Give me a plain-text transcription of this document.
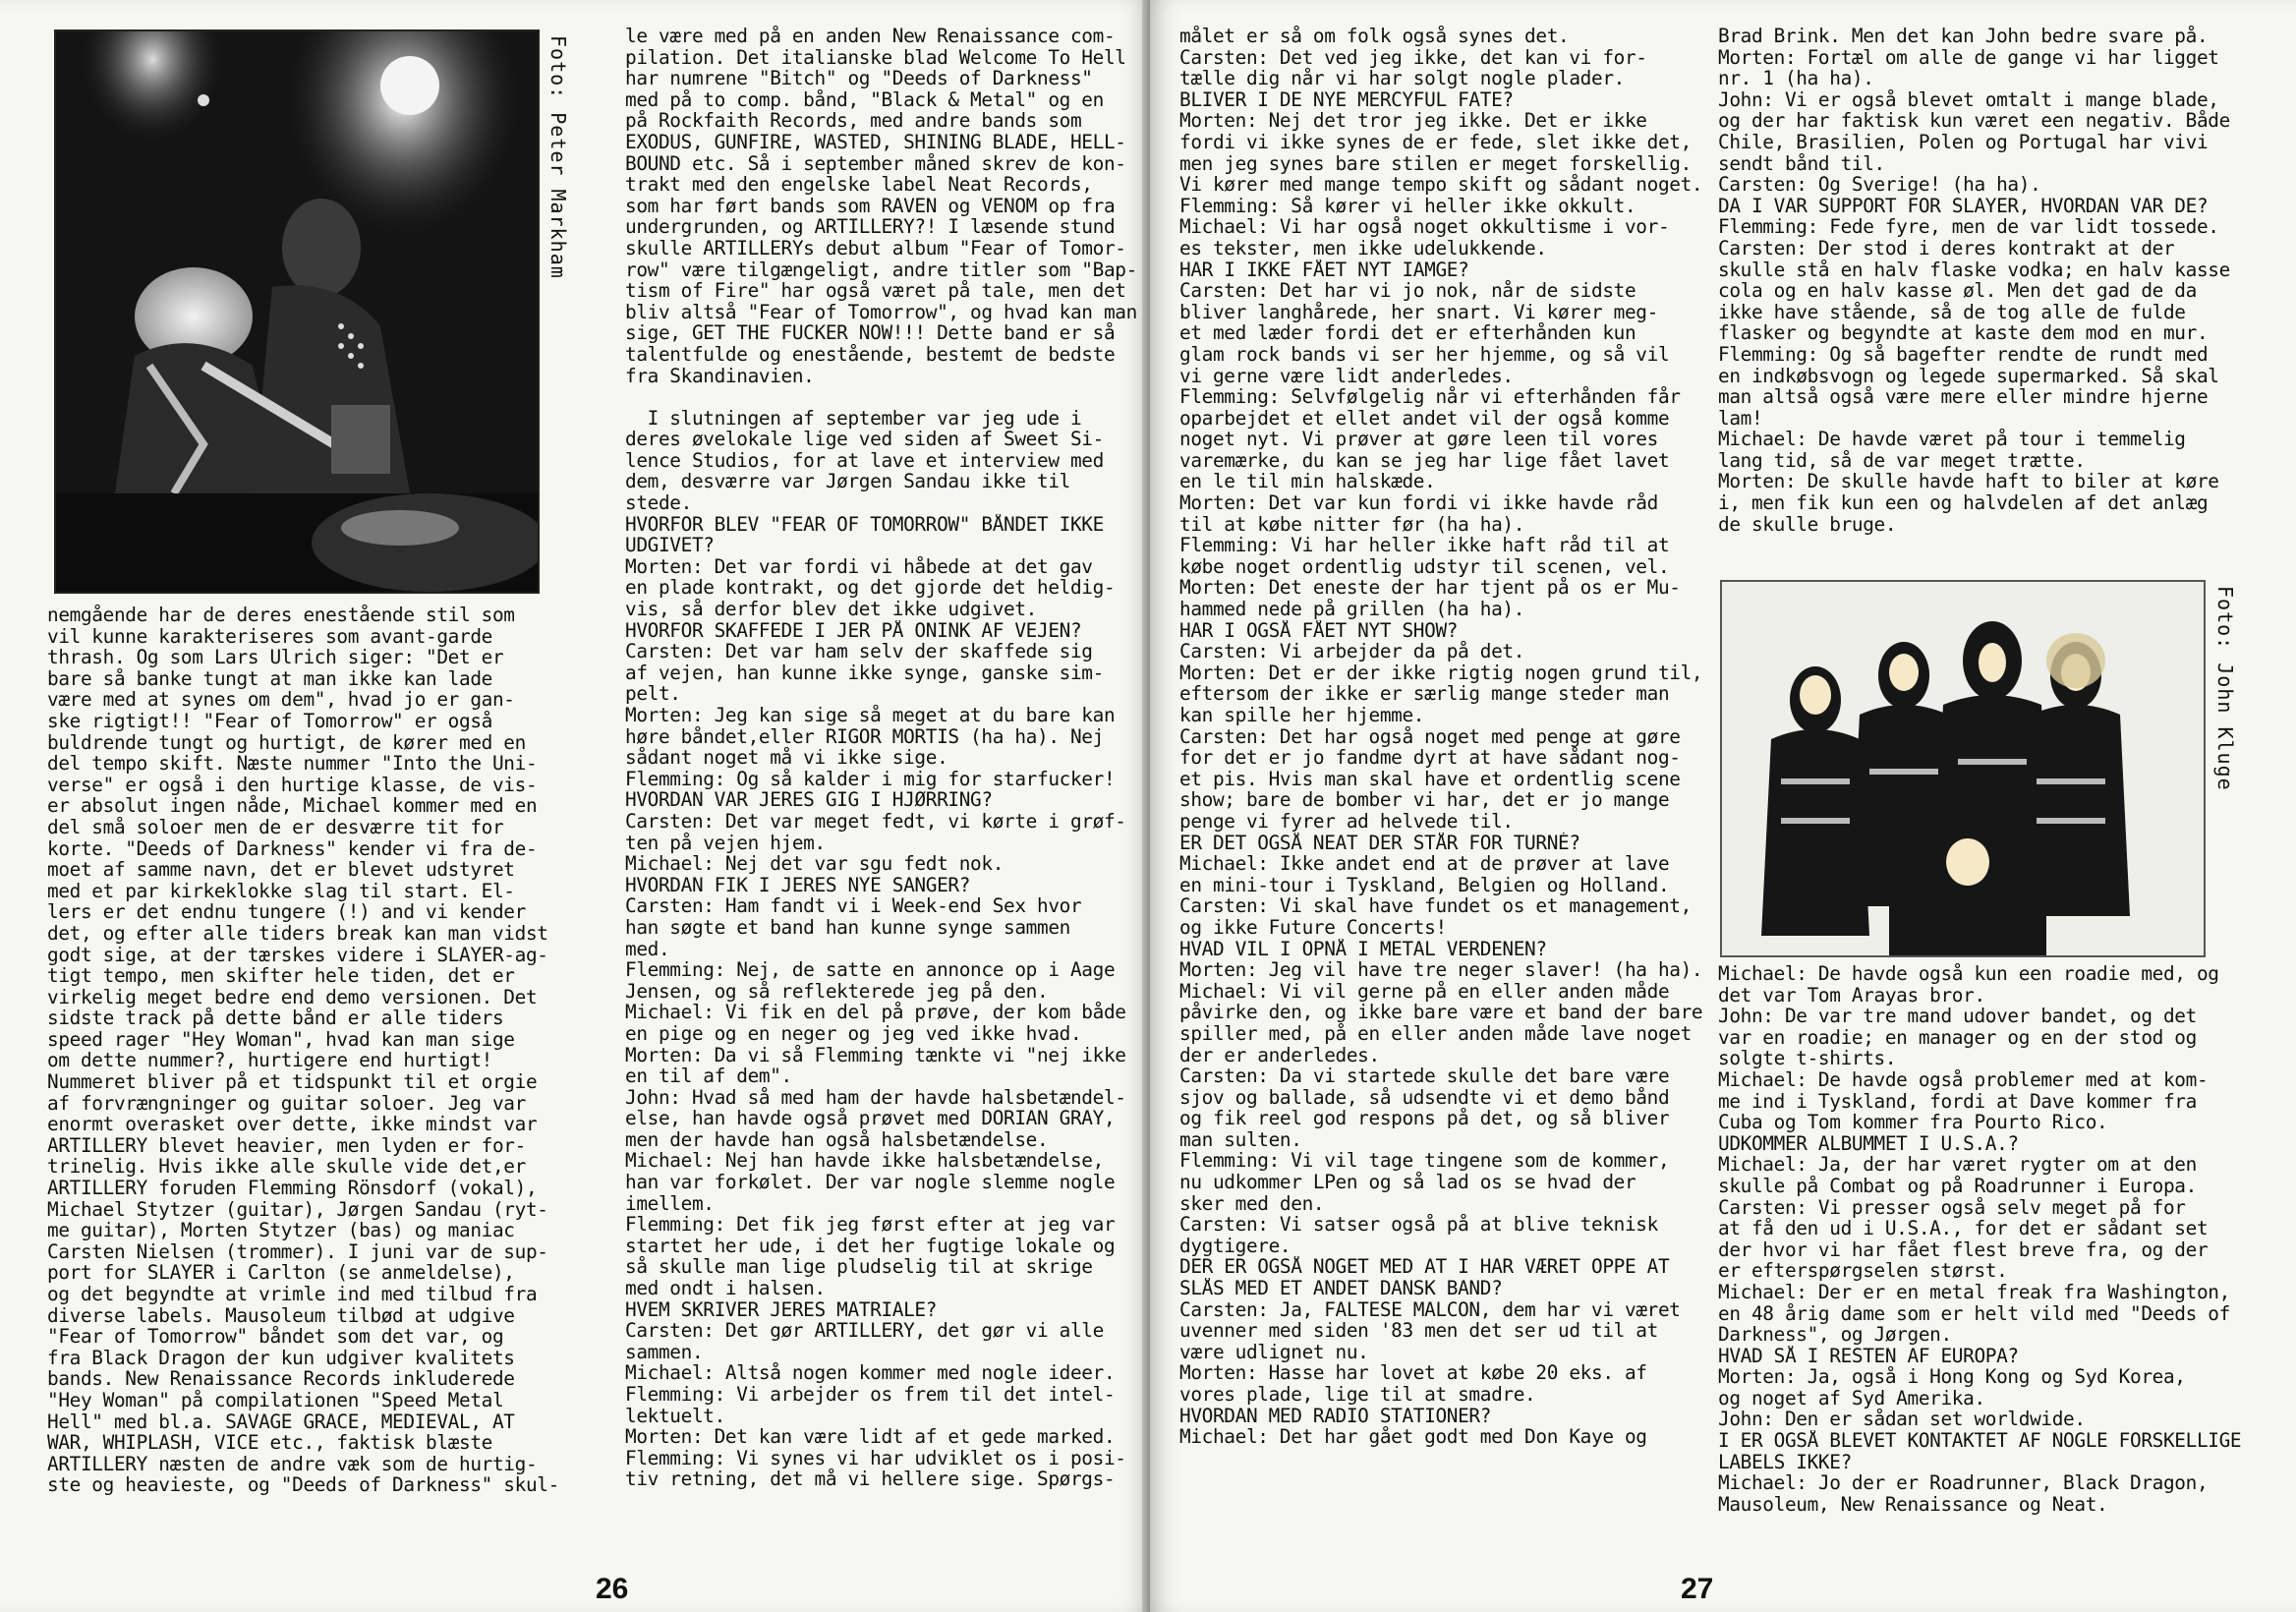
Foto: Peter Markham
nemgående har de deres enestående stil som
vil kunne karakteriseres som avant-garde
thrash. Og som Lars Ulrich siger: "Det er
bare så banke tungt at man ikke kan lade
være med at synes om dem", hvad jo er gan-
ske rigtigt!! "Fear of Tomorrow" er også
buldrende tungt og hurtigt, de kører med en
del tempo skift. Næste nummer "Into the Uni-
verse" er også i den hurtige klasse, de vis-
er absolut ingen nåde, Michael kommer med en
del små soloer men de er desværre tit for
korte. "Deeds of Darkness" kender vi fra de-
moet af samme navn, det er blevet udstyret
med et par kirkeklokke slag til start. El-
lers er det endnu tungere (!) and vi kender
det, og efter alle tiders break kan man vidst
godt sige, at der tærskes videre i SLAYER-ag-
tigt tempo, men skifter hele tiden, det er
virkelig meget bedre end demo versionen. Det
sidste track på dette bånd er alle tiders
speed rager "Hey Woman", hvad kan man sige
om dette nummer?, hurtigere end hurtigt!
Nummeret bliver på et tidspunkt til et orgie
af forvrængninger og guitar soloer. Jeg var
enormt overasket over dette, ikke mindst var
ARTILLERY blevet heavier, men lyden er for-
trinelig. Hvis ikke alle skulle vide det,er
ARTILLERY foruden Flemming Rönsdorf (vokal),
Michael Stytzer (guitar), Jørgen Sandau (ryt-
me guitar), Morten Stytzer (bas) og maniac
Carsten Nielsen (trommer). I juni var de sup-
port for SLAYER i Carlton (se anmeldelse),
og det begyndte at vrimle ind med tilbud fra
diverse labels. Mausoleum tilbød at udgive
"Fear of Tomorrow" båndet som det var, og
fra Black Dragon der kun udgiver kvalitets
bands. New Renaissance Records inkluderede
"Hey Woman" på compilationen "Speed Metal
Hell" med bl.a. SAVAGE GRACE, MEDIEVAL, AT
WAR, WHIPLASH, VICE etc., faktisk blæste
ARTILLERY næsten de andre væk som de hurtig-
ste og heavieste, og "Deeds of Darkness" skul-
le være med på en anden New Renaissance com-
pilation. Det italianske blad Welcome To Hell
har numrene "Bitch" og "Deeds of Darkness"
med på to comp. bånd, "Black & Metal" og en
på Rockfaith Records, med andre bands som
EXODUS, GUNFIRE, WASTED, SHINING BLADE, HELL-
BOUND etc. Så i september måned skrev de kon-
trakt med den engelske label Neat Records,
som har ført bands som RAVEN og VENOM op fra
undergrunden, og ARTILLERY?! I læsende stund
skulle ARTILLERYs debut album "Fear of Tomor-
row" være tilgængeligt, andre titler som "Bap-
tism of Fire" har også været på tale, men det
bliv altså "Fear of Tomorrow", og hvad kan man
sige, GET THE FUCKER NOW!!! Dette band er så
talentfulde og enestående, bestemt de bedste
fra Skandinavien.
I slutningen af september var jeg ude i
deres øvelokale lige ved siden af Sweet Si-
lence Studios, for at lave et interview med
dem, desværre var Jørgen Sandau ikke til
stede.
HVORFOR BLEV "FEAR OF TOMORROW" BÅNDET IKKE
UDGIVET?
Morten: Det var fordi vi håbede at det gav
en plade kontrakt, og det gjorde det heldig-
vis, så derfor blev det ikke udgivet.
HVORFOR SKAFFEDE I JER PÅ ONINK AF VEJEN?
Carsten: Det var ham selv der skaffede sig
af vejen, han kunne ikke synge, ganske sim-
pelt.
Morten: Jeg kan sige så meget at du bare kan
høre båndet,eller RIGOR MORTIS (ha ha). Nej
sådant noget må vi ikke sige.
Flemming: Og så kalder i mig for starfucker!
HVORDAN VAR JERES GIG I HJØRRING?
Carsten: Det var meget fedt, vi kørte i grøf-
ten på vejen hjem.
Michael: Nej det var sgu fedt nok.
HVORDAN FIK I JERES NYE SANGER?
Carsten: Ham fandt vi i Week-end Sex hvor
han søgte et band han kunne synge sammen
med.
Flemming: Nej, de satte en annonce op i Aage
Jensen, og så reflekterede jeg på den.
Michael: Vi fik en del på prøve, der kom både
en pige og en neger og jeg ved ikke hvad.
Morten: Da vi så Flemming tænkte vi "nej ikke
en til af dem".
John: Hvad så med ham der havde halsbetændel-
else, han havde også prøvet med DORIAN GRAY,
men der havde han også halsbetændelse.
Michael: Nej han havde ikke halsbetændelse,
han var forkølet. Der var nogle slemme nogle
imellem.
Flemming: Det fik jeg først efter at jeg var
startet her ude, i det her fugtige lokale og
så skulle man lige pludselig til at skrige
med ondt i halsen.
HVEM SKRIVER JERES MATRIALE?
Carsten: Det gør ARTILLERY, det gør vi alle
sammen.
Michael: Altså nogen kommer med nogle ideer.
Flemming: Vi arbejder os frem til det intel-
lektuelt.
Morten: Det kan være lidt af et gede marked.
Flemming: Vi synes vi har udviklet os i posi-
tiv retning, det må vi hellere sige. Spørgs-
26
målet er så om folk også synes det.
Carsten: Det ved jeg ikke, det kan vi for-
tælle dig når vi har solgt nogle plader.
BLIVER I DE NYE MERCYFUL FATE?
Morten: Nej det tror jeg ikke. Det er ikke
fordi vi ikke synes de er fede, slet ikke det,
men jeg synes bare stilen er meget forskellig.
Vi kører med mange tempo skift og sådant noget.
Flemming: Så kører vi heller ikke okkult.
Michael: Vi har også noget okkultisme i vor-
es tekster, men ikke udelukkende.
HAR I IKKE FÅET NYT IAMGE?
Carsten: Det har vi jo nok, når de sidste
bliver langhårede, her snart. Vi kører meg-
et med læder fordi det er efterhånden kun
glam rock bands vi ser her hjemme, og så vil
vi gerne være lidt anderledes.
Flemming: Selvfølgelig når vi efterhånden får
oparbejdet et ellet andet vil der også komme
noget nyt. Vi prøver at gøre leen til vores
varemærke, du kan se jeg har lige fået lavet
en le til min halskæde.
Morten: Det var kun fordi vi ikke havde råd
til at købe nitter før (ha ha).
Flemming: Vi har heller ikke haft råd til at
købe noget ordentlig udstyr til scenen, vel.
Morten: Det eneste der har tjent på os er Mu-
hammed nede på grillen (ha ha).
HAR I OGSÅ FÅET NYT SHOW?
Carsten: Vi arbejder da på det.
Morten: Det er der ikke rigtig nogen grund til,
eftersom der ikke er særlig mange steder man
kan spille her hjemme.
Carsten: Det har også noget med penge at gøre
for det er jo fandme dyrt at have sådant nog-
et pis. Hvis man skal have et ordentlig scene
show; bare de bomber vi har, det er jo mange
penge vi fyrer ad helvede til.
ER DET OGSÅ NEAT DER STÅR FOR TURNÉ?
Michael: Ikke andet end at de prøver at lave
en mini-tour i Tyskland, Belgien og Holland.
Carsten: Vi skal have fundet os et management,
og ikke Future Concerts!
HVAD VIL I OPNÅ I METAL VERDENEN?
Morten: Jeg vil have tre neger slaver! (ha ha).
Michael: Vi vil gerne på en eller anden måde
påvirke den, og ikke bare være et band der bare
spiller med, på en eller anden måde lave noget
der er anderledes.
Carsten: Da vi startede skulle det bare være
sjov og ballade, så udsendte vi et demo bånd
og fik reel god respons på det, og så bliver
man sulten.
Flemming: Vi vil tage tingene som de kommer,
nu udkommer LPen og så lad os se hvad der
sker med den.
Carsten: Vi satser også på at blive teknisk
dygtigere.
DER ER OGSÅ NOGET MED AT I HAR VÆRET OPPE AT
SLÅS MED ET ANDET DANSK BAND?
Carsten: Ja, FALTESE MALCON, dem har vi været
uvenner med siden '83 men det ser ud til at
være udlignet nu.
Morten: Hasse har lovet at købe 20 eks. af
vores plade, lige til at smadre.
HVORDAN MED RADIO STATIONER?
Michael: Det har gået godt med Don Kaye og
Brad Brink. Men det kan John bedre svare på.
Morten: Fortæl om alle de gange vi har ligget
nr. 1 (ha ha).
John: Vi er også blevet omtalt i mange blade,
og der har faktisk kun været een negativ. Både
Chile, Brasilien, Polen og Portugal har vivi
sendt bånd til.
Carsten: Og Sverige! (ha ha).
DA I VAR SUPPORT FOR SLAYER, HVORDAN VAR DE?
Flemming: Fede fyre, men de var lidt tossede.
Carsten: Der stod i deres kontrakt at der
skulle stå en halv flaske vodka; en halv kasse
cola og en halv kasse øl. Men det gad de da
ikke have stående, så de tog alle de fulde
flasker og begyndte at kaste dem mod en mur.
Flemming: Og så bagefter rendte de rundt med
en indkøbsvogn og legede supermarked. Så skal
man altså også være mere eller mindre hjerne
lam!
Michael: De havde været på tour i temmelig
lang tid, så de var meget trætte.
Morten: De skulle havde haft to biler at køre
i, men fik kun een og halvdelen af det anlæg
de skulle bruge.
Foto: John Kluge
Michael: De havde også kun een roadie med, og
det var Tom Arayas bror.
John: De var tre mand udover bandet, og det
var en roadie; en manager og en der stod og
solgte t-shirts.
Michael: De havde også problemer med at kom-
me ind i Tyskland, fordi at Dave kommer fra
Cuba og Tom kommer fra Pourto Rico.
UDKOMMER ALBUMMET I U.S.A.?
Michael: Ja, der har været rygter om at den
skulle på Combat og på Roadrunner i Europa.
Carsten: Vi presser også selv meget på for
at få den ud i U.S.A., for det er sådant set
der hvor vi har fået flest breve fra, og der
er efterspørgselen størst.
Michael: Der er en metal freak fra Washington,
en 48 årig dame som er helt vild med "Deeds of
Darkness", og Jørgen.
HVAD SÅ I RESTEN AF EUROPA?
Morten: Ja, også i Hong Kong og Syd Korea,
og noget af Syd Amerika.
John: Den er sådan set worldwide.
I ER OGSÅ BLEVET KONTAKTET AF NOGLE FORSKELLIGE
LABELS IKKE?
Michael: Jo der er Roadrunner, Black Dragon,
Mausoleum, New Renaissance og Neat.
27
